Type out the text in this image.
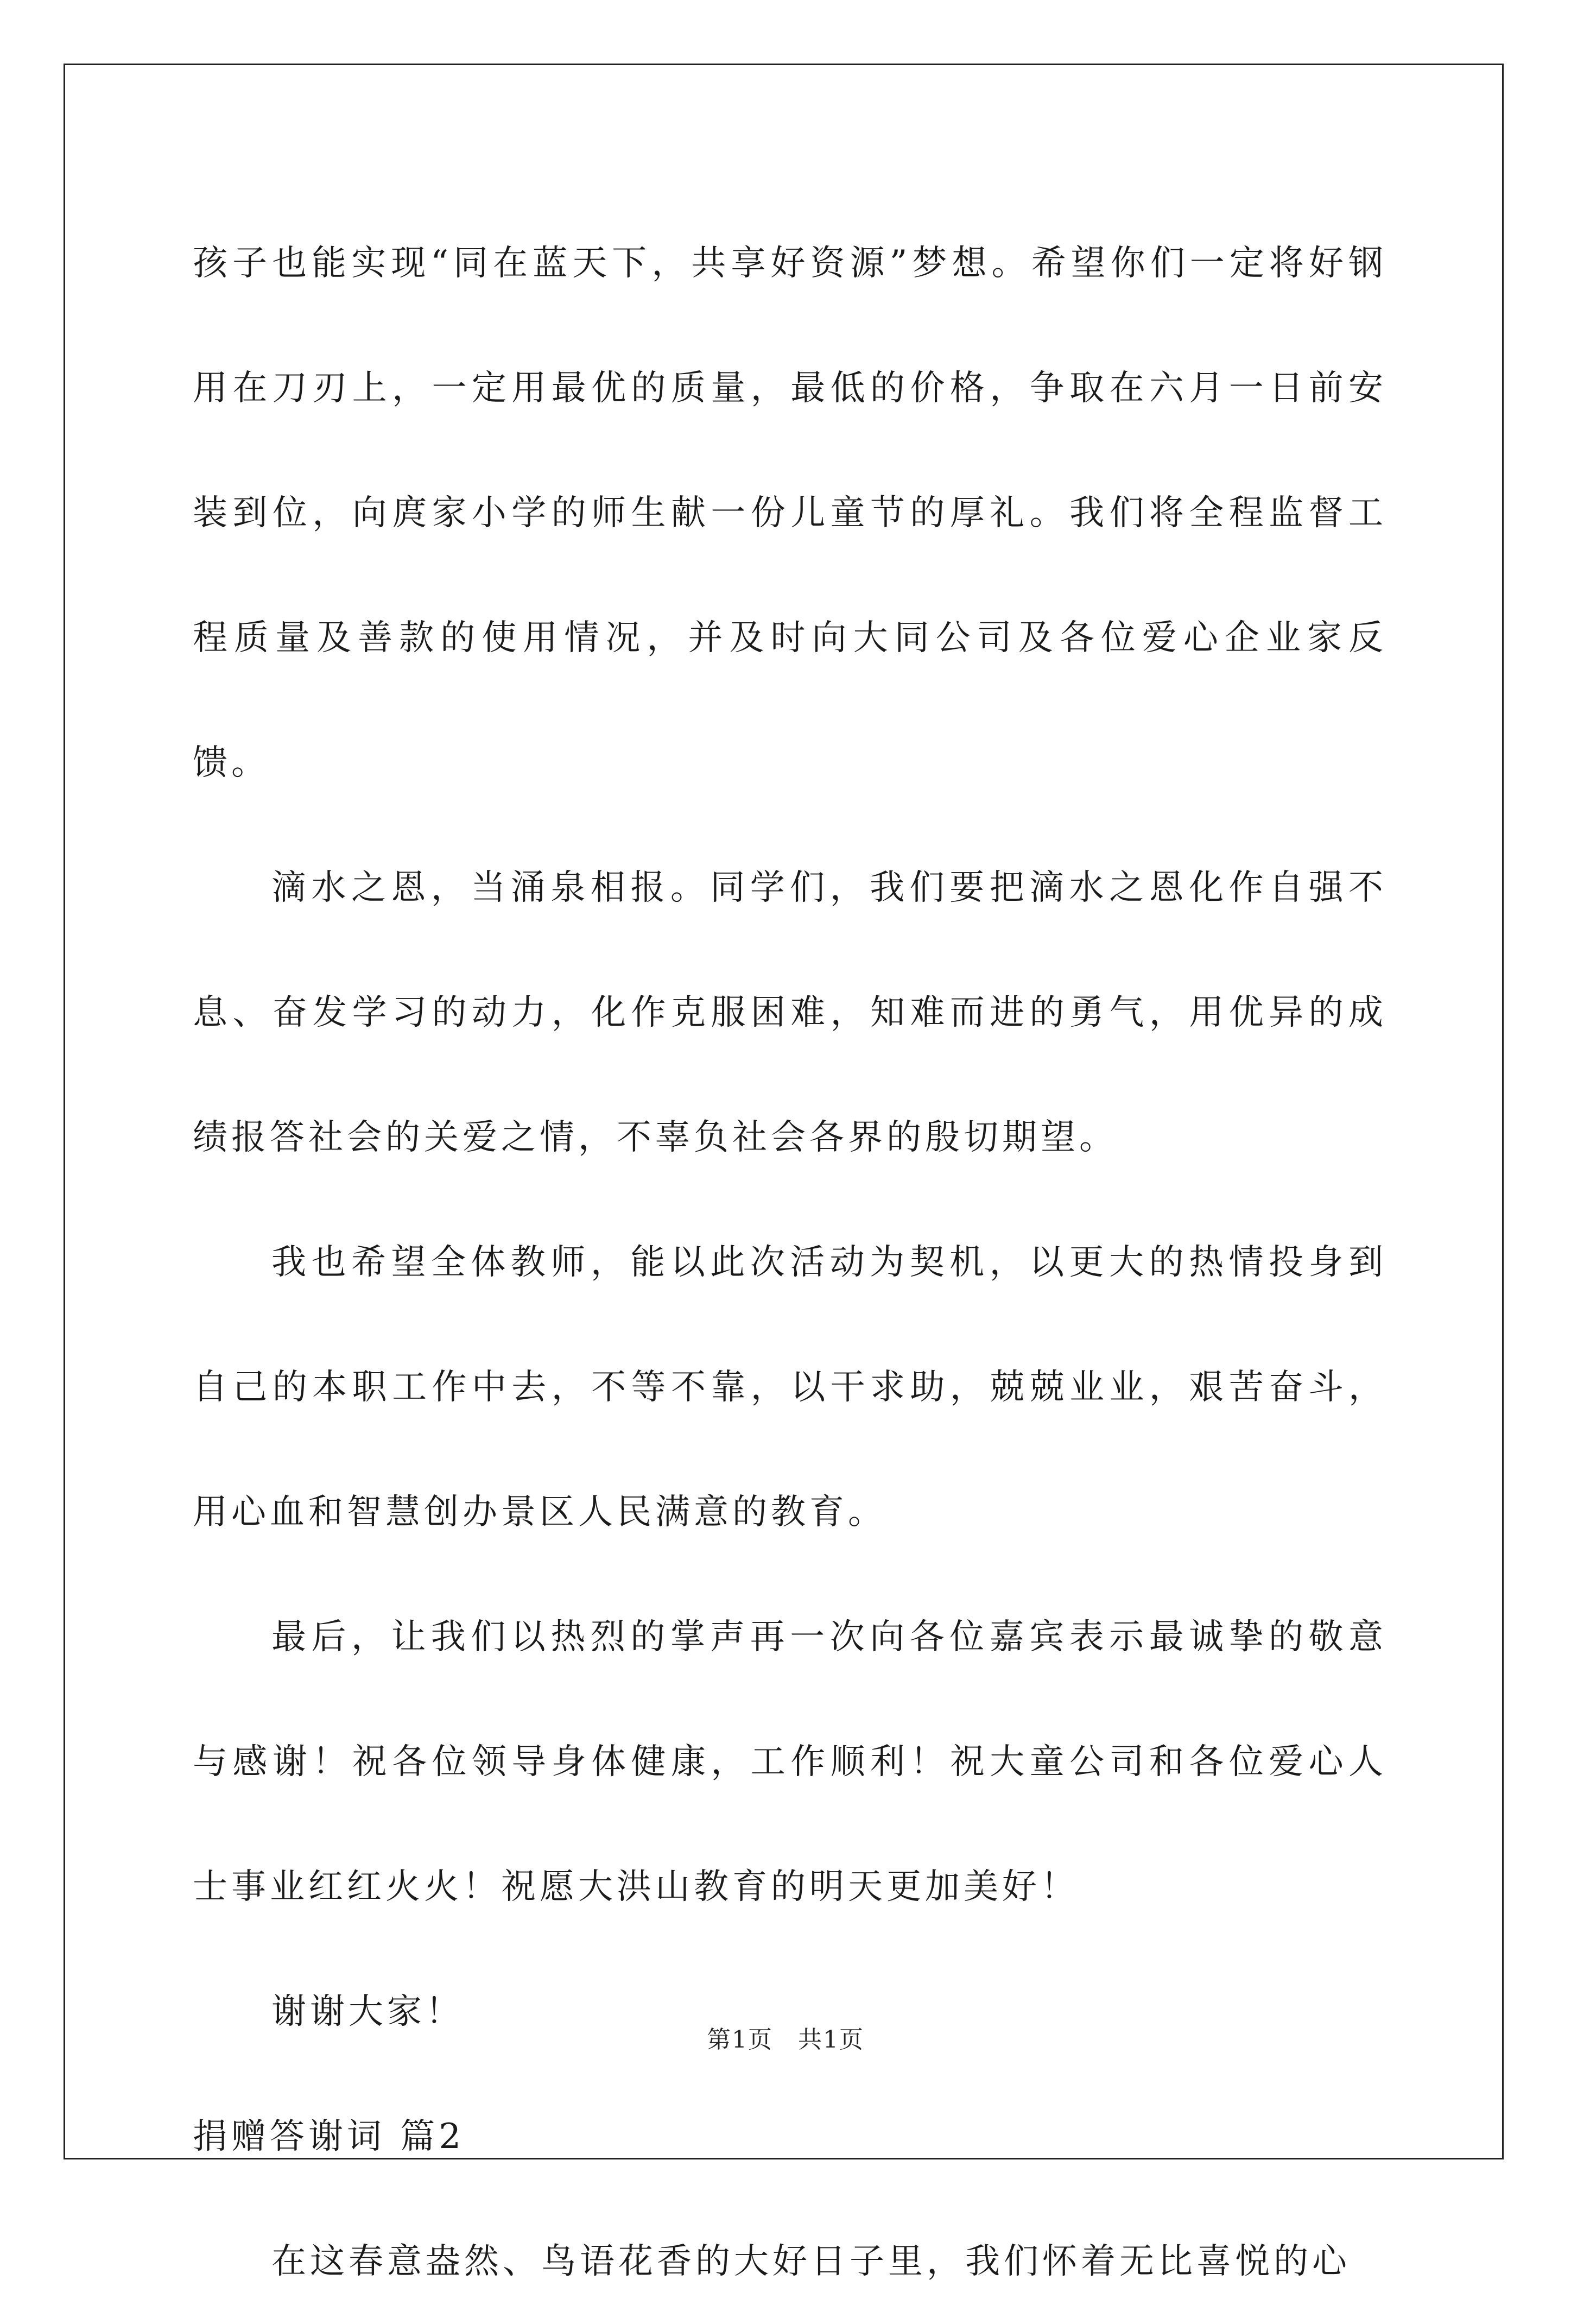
孩子也能实现“同在蓝天下，共享好资源”梦想。希望你们一定将好钢用在刀刃上，一定用最优的质量，最低的价格，争取在六月一日前安装到位，向庹家小学的师生献一份儿童节的厚礼。我们将全程监督工程质量及善款的使用情况，并及时向大同公司及各位爱心企业家反馈。

滴水之恩，当涌泉相报。同学们，我们要把滴水之恩化作自强不息、奋发学习的动力，化作克服困难，知难而进的勇气，用优异的成绩报答社会的关爱之情，不辜负社会各界的殷切期望。

我也希望全体教师，能以此次活动为契机，以更大的热情投身到自己的本职工作中去，不等不靠，以干求助，兢兢业业，艰苦奋斗，用心血和智慧创办景区人民满意的教育。

最后，让我们以热烈的掌声再一次向各位嘉宾表示最诚挚的敬意与感谢！祝各位领导身体健康，工作顺利！祝大童公司和各位爱心人士事业红红火火！祝愿大洪山教育的明天更加美好！

谢谢大家！

捐赠答谢词 篇2

在这春意盎然、鸟语花香的大好日子里，我们怀着无比喜悦的心

第1页　共1页
